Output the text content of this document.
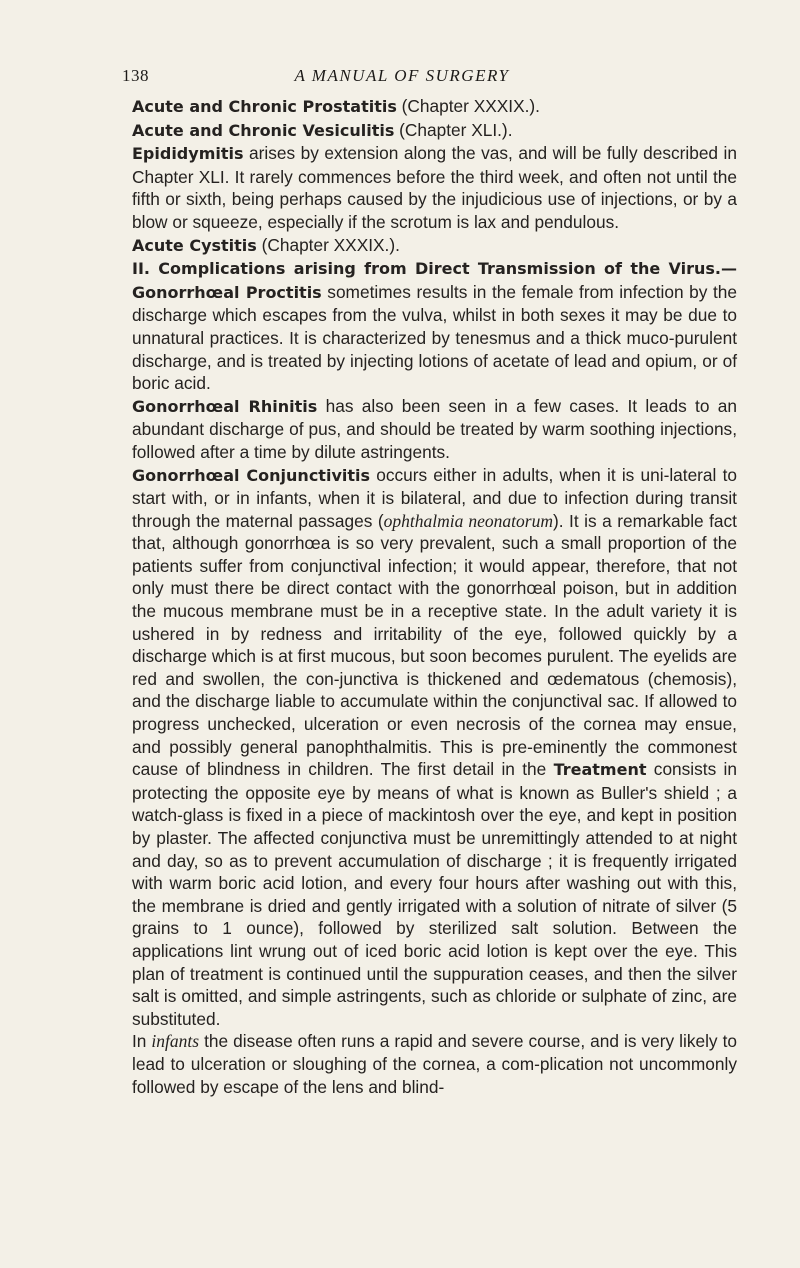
138	A MANUAL OF SURGERY

Acute and Chronic Prostatitis (Chapter XXXIX.).

Acute and Chronic Vesiculitis (Chapter XLI.).

Epididymitis arises by extension along the vas, and will be fully described in Chapter XLI. It rarely commences before the third week, and often not until the fifth or sixth, being perhaps caused by the injudicious use of injections, or by a blow or squeeze, especially if the scrotum is lax and pendulous.

Acute Cystitis (Chapter XXXIX.).

II. Complications arising from Direct Transmission of the Virus.— Gonorrhœal Proctitis sometimes results in the female from infection by the discharge which escapes from the vulva, whilst in both sexes it may be due to unnatural practices. It is characterized by tenesmus and a thick muco-purulent discharge, and is treated by injecting lotions of acetate of lead and opium, or of boric acid.

Gonorrhœal Rhinitis has also been seen in a few cases. It leads to an abundant discharge of pus, and should be treated by warm soothing injections, followed after a time by dilute astringents.

Gonorrhœal Conjunctivitis occurs either in adults, when it is uni-lateral to start with, or in infants, when it is bilateral, and due to infection during transit through the maternal passages (ophthalmia neonatorum). It is a remarkable fact that, although gonorrhœa is so very prevalent, such a small proportion of the patients suffer from conjunctival infection; it would appear, therefore, that not only must there be direct contact with the gonorrhœal poison, but in addition the mucous membrane must be in a receptive state. In the adult variety it is ushered in by redness and irritability of the eye, followed quickly by a discharge which is at first mucous, but soon becomes purulent. The eyelids are red and swollen, the con-junctiva is thickened and œdematous (chemosis), and the discharge liable to accumulate within the conjunctival sac. If allowed to progress unchecked, ulceration or even necrosis of the cornea may ensue, and possibly general panophthalmitis. This is pre-eminently the commonest cause of blindness in children. The first detail in the Treatment consists in protecting the opposite eye by means of what is known as Buller's shield ; a watch-glass is fixed in a piece of mackintosh over the eye, and kept in position by plaster. The affected conjunctiva must be unremittingly attended to at night and day, so as to prevent accumulation of discharge ; it is frequently irrigated with warm boric acid lotion, and every four hours after washing out with this, the membrane is dried and gently irrigated with a solution of nitrate of silver (5 grains to 1 ounce), followed by sterilized salt solution. Between the applications lint wrung out of iced boric acid lotion is kept over the eye. This plan of treatment is continued until the suppuration ceases, and then the silver salt is omitted, and simple astringents, such as chloride or sulphate of zinc, are substituted.

In infants the disease often runs a rapid and severe course, and is very likely to lead to ulceration or sloughing of the cornea, a com-plication not uncommonly followed by escape of the lens and blind-
